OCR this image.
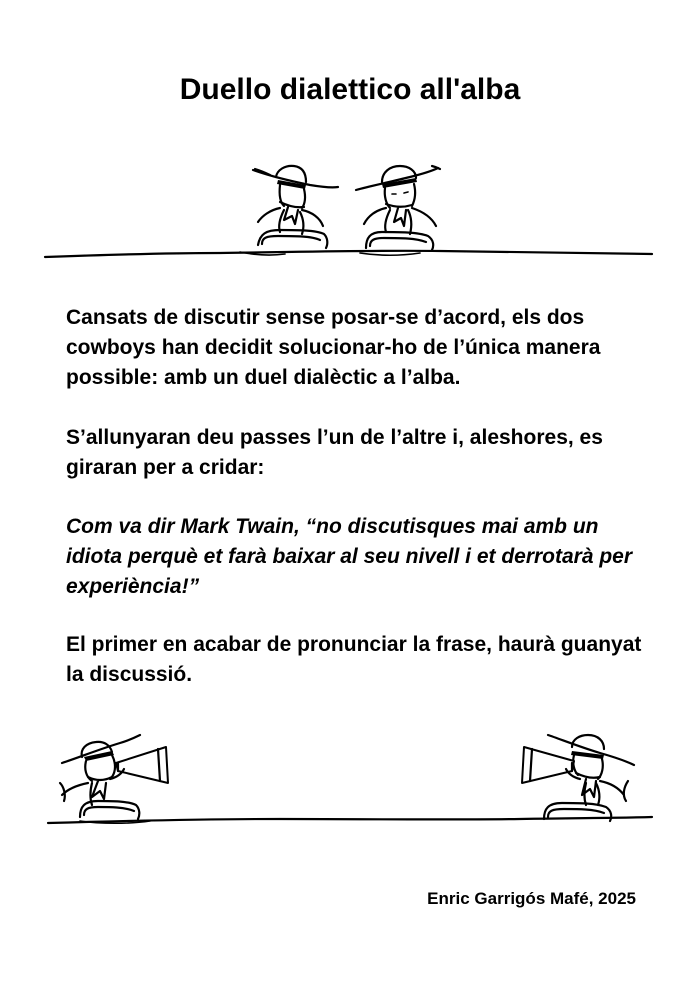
Duello dialettico all'alba
Cansats de discutir sense posar-se d’acord, els dos cowboys han decidit solucionar-ho de l’única manera possible: amb un duel dialèctic a l’alba.
S’allunyaran deu passes l’un de l’altre i, aleshores, es giraran per a cridar:
Com va dir Mark Twain, “no discutisques mai amb un idiota perquè et farà baixar al seu nivell i et derrotarà per experiència!”
El primer en acabar de pronunciar la frase, haurà guanyat la discussió.
Enric Garrigós Mafé, 2025
